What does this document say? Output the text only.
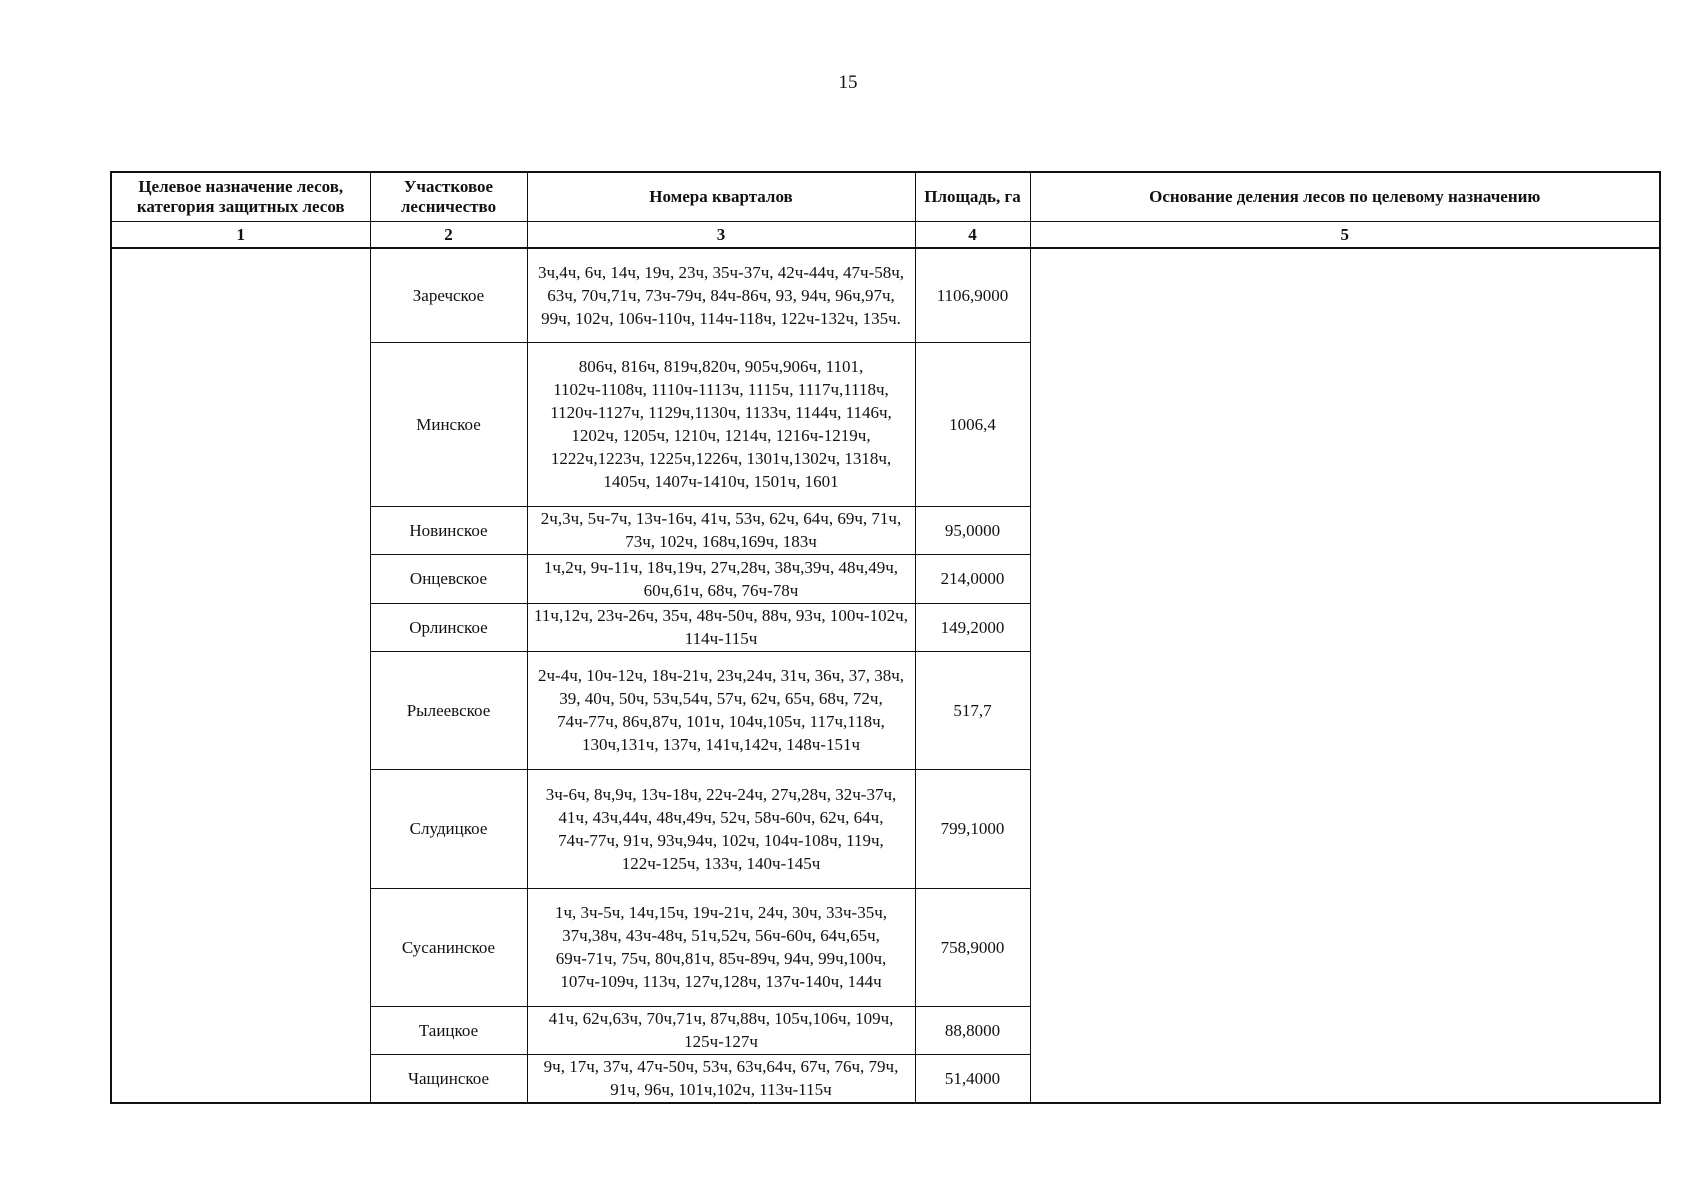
15
Целевое назначение лесов, категория защитных лесов	Участковое лесничество	Номера кварталов	Площадь, га	Основание деления лесов по целевому назначению
1	2	3	4	5
	Заречское	3ч,4ч, 6ч, 14ч, 19ч, 23ч, 35ч-37ч, 42ч-44ч, 47ч-58ч, 63ч, 70ч,71ч, 73ч-79ч, 84ч-86ч, 93, 94ч, 96ч,97ч, 99ч, 102ч, 106ч-110ч, 114ч-118ч, 122ч-132ч, 135ч.	1106,9000	
	Минское	806ч, 816ч, 819ч,820ч, 905ч,906ч, 1101, 1102ч-1108ч, 1110ч-1113ч, 1115ч, 1117ч,1118ч, 1120ч-1127ч, 1129ч,1130ч, 1133ч, 1144ч, 1146ч, 1202ч, 1205ч, 1210ч, 1214ч, 1216ч-1219ч, 1222ч,1223ч, 1225ч,1226ч, 1301ч,1302ч, 1318ч, 1405ч, 1407ч-1410ч, 1501ч, 1601	1006,4	
	Новинское	2ч,3ч, 5ч-7ч, 13ч-16ч, 41ч, 53ч, 62ч, 64ч, 69ч, 71ч, 73ч, 102ч, 168ч,169ч, 183ч	95,0000	
	Онцевское	1ч,2ч, 9ч-11ч, 18ч,19ч, 27ч,28ч, 38ч,39ч, 48ч,49ч, 60ч,61ч, 68ч, 76ч-78ч	214,0000	
	Орлинское	11ч,12ч, 23ч-26ч, 35ч, 48ч-50ч, 88ч, 93ч, 100ч-102ч, 114ч-115ч	149,2000	
	Рылеевское	2ч-4ч, 10ч-12ч, 18ч-21ч, 23ч,24ч, 31ч, 36ч, 37, 38ч, 39, 40ч, 50ч, 53ч,54ч, 57ч, 62ч, 65ч, 68ч, 72ч, 74ч-77ч, 86ч,87ч, 101ч, 104ч,105ч, 117ч,118ч, 130ч,131ч, 137ч, 141ч,142ч, 148ч-151ч	517,7	
	Слудицкое	3ч-6ч, 8ч,9ч, 13ч-18ч, 22ч-24ч, 27ч,28ч, 32ч-37ч, 41ч, 43ч,44ч, 48ч,49ч, 52ч, 58ч-60ч, 62ч, 64ч, 74ч-77ч, 91ч, 93ч,94ч, 102ч, 104ч-108ч, 119ч, 122ч-125ч, 133ч, 140ч-145ч	799,1000	
	Сусанинское	1ч, 3ч-5ч, 14ч,15ч, 19ч-21ч, 24ч, 30ч, 33ч-35ч, 37ч,38ч, 43ч-48ч, 51ч,52ч, 56ч-60ч, 64ч,65ч, 69ч-71ч, 75ч, 80ч,81ч, 85ч-89ч, 94ч, 99ч,100ч, 107ч-109ч, 113ч, 127ч,128ч, 137ч-140ч, 144ч	758,9000	
	Таицкое	41ч, 62ч,63ч, 70ч,71ч, 87ч,88ч, 105ч,106ч, 109ч, 125ч-127ч	88,8000	
	Чащинское	9ч, 17ч, 37ч, 47ч-50ч, 53ч, 63ч,64ч, 67ч, 76ч, 79ч, 91ч, 96ч, 101ч,102ч, 113ч-115ч	51,4000	
